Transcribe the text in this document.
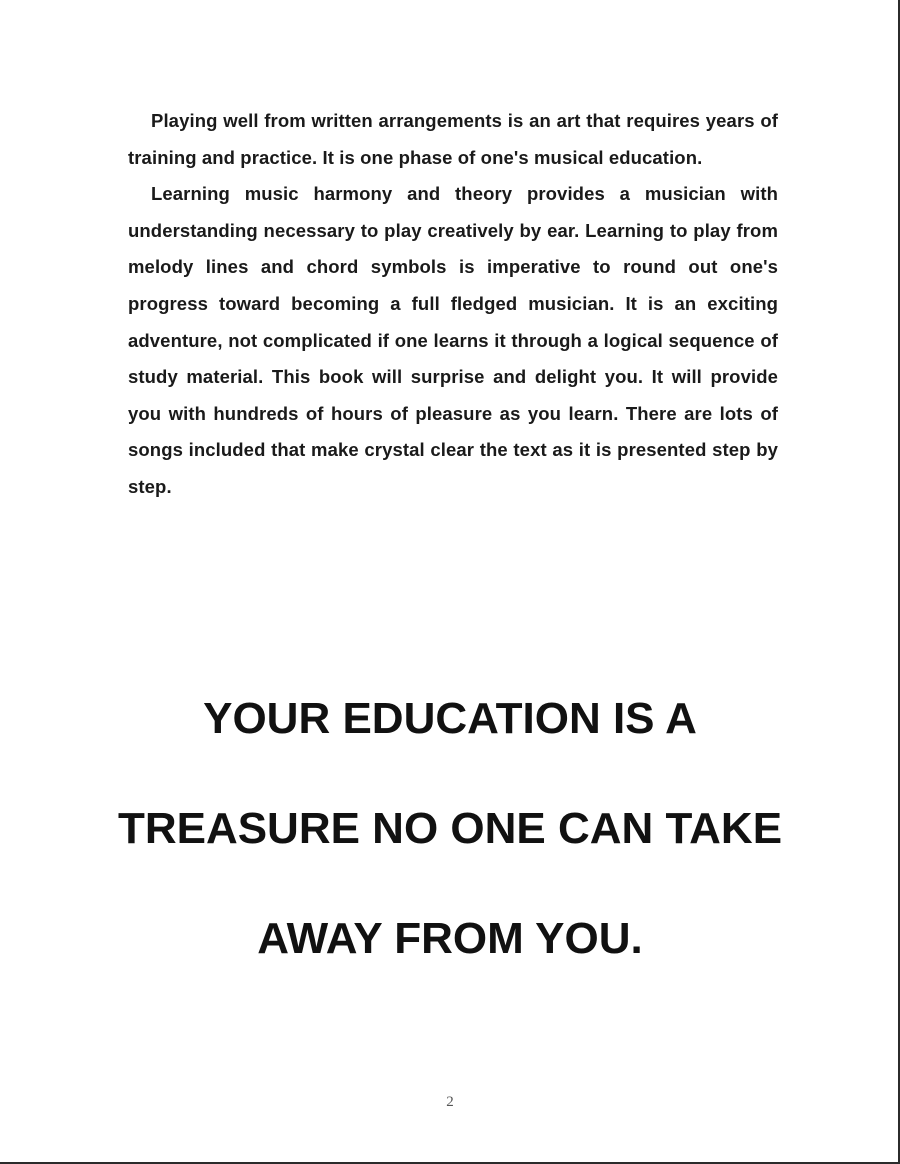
Playing well from written arrangements is an art that requires years of training and practice. It is one phase of one's musical education.

Learning music harmony and theory provides a musician with understanding necessary to play creatively by ear. Learning to play from melody lines and chord symbols is imperative to round out one's progress toward becoming a full fledged musician. It is an exciting adventure, not complicated if one learns it through a logical sequence of study material. This book will surprise and delight you. It will provide you with hundreds of hours of pleasure as you learn. There are lots of songs included that make crystal clear the text as it is presented step by step.

YOUR EDUCATION IS A
TREASURE NO ONE CAN TAKE
AWAY FROM YOU.
2
